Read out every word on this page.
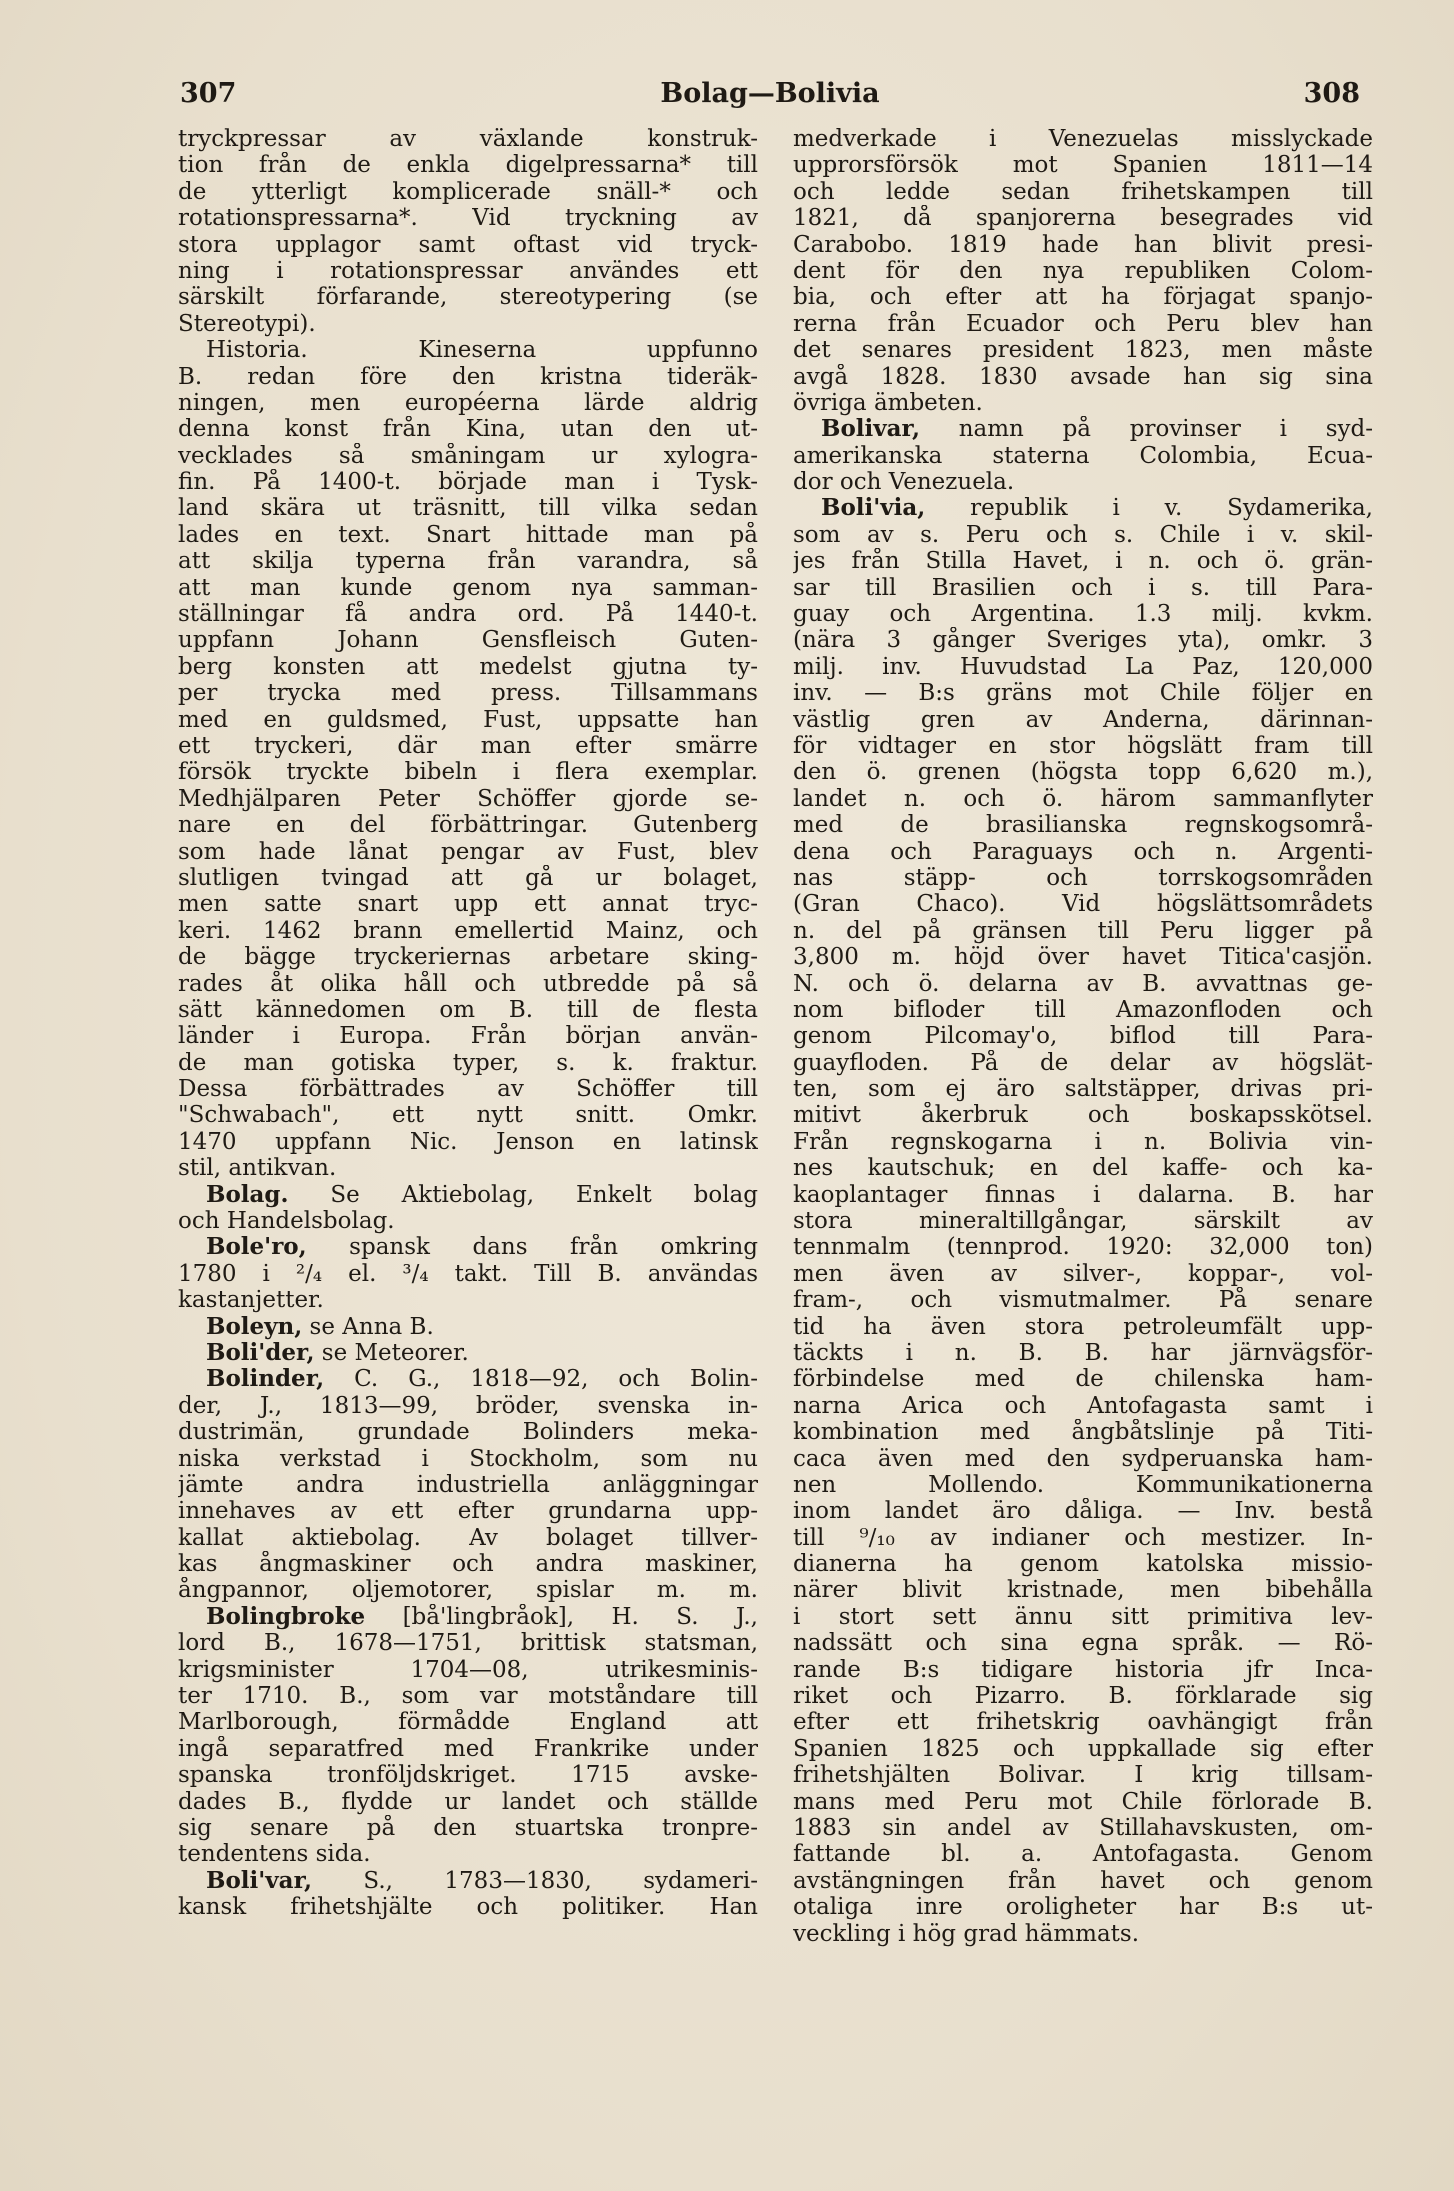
307	Bolag—Bolivia	308
tryckpressar av växlande konstruk-
tion från de enkla digelpressarna* till
de ytterligt komplicerade snäll-* och
rotationspressarna*. Vid tryckning av
stora upplagor samt oftast vid tryck-
ning i rotationspressar användes ett
särskilt förfarande, stereotypering (se
Stereotypi).
Historia. Kineserna uppfunno
B. redan före den kristna tideräk-
ningen, men européerna lärde aldrig
denna konst från Kina, utan den ut-
vecklades så småningam ur xylogra-
fin. På 1400-t. började man i Tysk-
land skära ut träsnitt, till vilka sedan
lades en text. Snart hittade man på
att skilja typerna från varandra, så
att man kunde genom nya samman-
ställningar få andra ord. På 1440-t.
uppfann Johann Gensfleisch Guten-
berg konsten att medelst gjutna ty-
per trycka med press. Tillsammans
med en guldsmed, Fust, uppsatte han
ett tryckeri, där man efter smärre
försök tryckte bibeln i flera exemplar.
Medhjälparen Peter Schöffer gjorde se-
nare en del förbättringar. Gutenberg
som hade lånat pengar av Fust, blev
slutligen tvingad att gå ur bolaget,
men satte snart upp ett annat tryc-
keri. 1462 brann emellertid Mainz, och
de bägge tryckeriernas arbetare sking-
rades åt olika håll och utbredde på så
sätt kännedomen om B. till de flesta
länder i Europa. Från början använ-
de man gotiska typer, s. k. fraktur.
Dessa förbättrades av Schöffer till
"Schwabach", ett nytt snitt. Omkr.
1470 uppfann Nic. Jenson en latinsk
stil, antikvan.
Bolag. Se Aktiebolag, Enkelt bolag
och Handelsbolag.
Bole'ro, spansk dans från omkring
1780 i ²/₄ el. ³/₄ takt. Till B. användas
kastanjetter.
Boleyn, se Anna B.
Boli'der, se Meteorer.
Bolinder, C. G., 1818—92, och Bolin-
der, J., 1813—99, bröder, svenska in-
dustrimän, grundade Bolinders meka-
niska verkstad i Stockholm, som nu
jämte andra industriella anläggningar
innehaves av ett efter grundarna upp-
kallat aktiebolag. Av bolaget tillver-
kas ångmaskiner och andra maskiner,
ångpannor, oljemotorer, spislar m. m.
Bolingbroke [bå'lingbråok], H. S. J.,
lord B., 1678—1751, brittisk statsman,
krigsminister 1704—08, utrikesminis-
ter 1710. B., som var motståndare till
Marlborough, förmådde England att
ingå separatfred med Frankrike under
spanska tronföljdskriget. 1715 avske-
dades B., flydde ur landet och ställde
sig senare på den stuartska tronpre-
tendentens sida.
Boli'var, S., 1783—1830, sydameri-
kansk frihetshjälte och politiker. Han
medverkade i Venezuelas misslyckade
upprorsförsök mot Spanien 1811—14
och ledde sedan frihetskampen till
1821, då spanjorerna besegrades vid
Carabobo. 1819 hade han blivit presi-
dent för den nya republiken Colom-
bia, och efter att ha förjagat spanjo-
rerna från Ecuador och Peru blev han
det senares president 1823, men måste
avgå 1828. 1830 avsade han sig sina
övriga ämbeten.
Bolivar, namn på provinser i syd-
amerikanska staterna Colombia, Ecua-
dor och Venezuela.
Boli'via, republik i v. Sydamerika,
som av s. Peru och s. Chile i v. skil-
jes från Stilla Havet, i n. och ö. grän-
sar till Brasilien och i s. till Para-
guay och Argentina. 1.3 milj. kvkm.
(nära 3 gånger Sveriges yta), omkr. 3
milj. inv. Huvudstad La Paz, 120,000
inv. — B:s gräns mot Chile följer en
västlig gren av Anderna, därinnan-
för vidtager en stor högslätt fram till
den ö. grenen (högsta topp 6,620 m.),
landet n. och ö. härom sammanflyter
med de brasilianska regnskogsområ-
dena och Paraguays och n. Argenti-
nas stäpp- och torrskogsområden
(Gran Chaco). Vid högslättsområdets
n. del på gränsen till Peru ligger på
3,800 m. höjd över havet Titica'casjön.
N. och ö. delarna av B. avvattnas ge-
nom bifloder till Amazonfloden och
genom Pilcomay'o, biflod till Para-
guayfloden. På de delar av högslät-
ten, som ej äro saltstäpper, drivas pri-
mitivt åkerbruk och boskapsskötsel.
Från regnskogarna i n. Bolivia vin-
nes kautschuk; en del kaffe- och ka-
kaoplantager finnas i dalarna. B. har
stora mineraltillgångar, särskilt av
tennmalm (tennprod. 1920: 32,000 ton)
men även av silver-, koppar-, vol-
fram-, och vismutmalmer. På senare
tid ha även stora petroleumfält upp-
täckts i n. B. B. har järnvägsför-
förbindelse med de chilenska ham-
narna Arica och Antofagasta samt i
kombination med ångbåtslinje på Titi-
caca även med den sydperuanska ham-
nen Mollendo. Kommunikationerna
inom landet äro dåliga. — Inv. bestå
till ⁹/₁₀ av indianer och mestizer. In-
dianerna ha genom katolska missio-
närer blivit kristnade, men bibehålla
i stort sett ännu sitt primitiva lev-
nadssätt och sina egna språk. — Rö-
rande B:s tidigare historia jfr Inca-
riket och Pizarro. B. förklarade sig
efter ett frihetskrig oavhängigt från
Spanien 1825 och uppkallade sig efter
frihetshjälten Bolivar. I krig tillsam-
mans med Peru mot Chile förlorade B.
1883 sin andel av Stillahavskusten, om-
fattande bl. a. Antofagasta. Genom
avstängningen från havet och genom
otaliga inre oroligheter har B:s ut-
veckling i hög grad hämmats.
